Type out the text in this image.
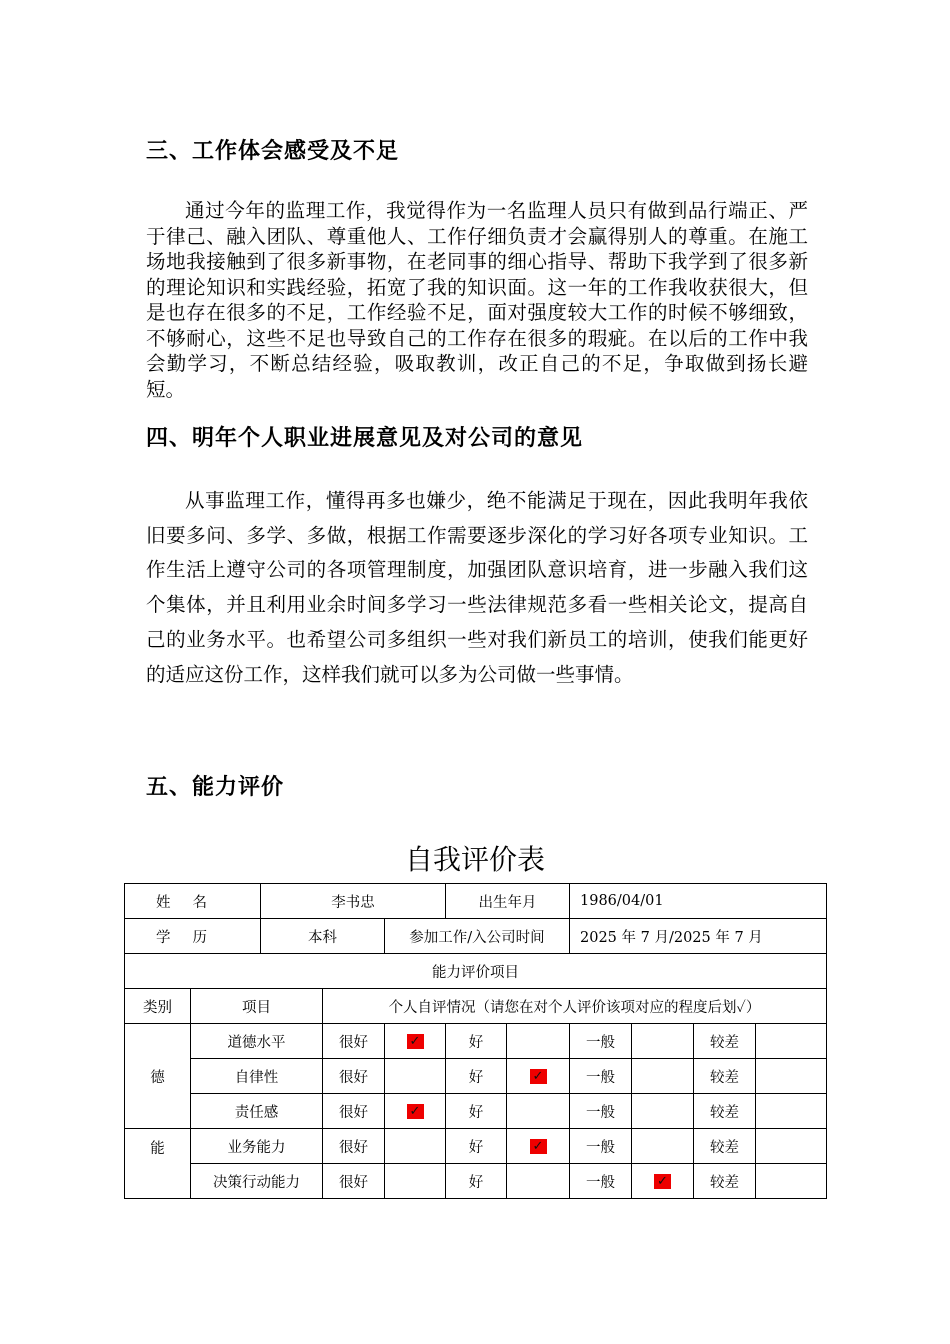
三、工作体会感受及不足

通过今年的监理工作，我觉得作为一名监理人员只有做到品行端正、严于律己、融入团队、尊重他人、工作仔细负责才会赢得别人的尊重。在施工场地我接触到了很多新事物，在老同事的细心指导、帮助下我学到了很多新的理论知识和实践经验，拓宽了我的知识面。这一年的工作我收获很大，但是也存在很多的不足，工作经验不足，面对强度较大工作的时候不够细致，不够耐心，这些不足也导致自己的工作存在很多的瑕疵。在以后的工作中我会勤学习，不断总结经验，吸取教训，改正自己的不足，争取做到扬长避短。

四、明年个人职业进展意见及对公司的意见

从事监理工作，懂得再多也嫌少，绝不能满足于现在，因此我明年我依旧要多问、多学、多做，根据工作需要逐步深化的学习好各项专业知识。工作生活上遵守公司的各项管理制度，加强团队意识培育，进一步融入我们这个集体，并且利用业余时间多学习一些法律规范多看一些相关论文，提高自己的业务水平。也希望公司多组织一些对我们新员工的培训，使我们能更好的适应这份工作，这样我们就可以多为公司做一些事情。

五、能力评价
自我评价表
姓名		李书忠			出生年月		1986/04/01			
学历		本科		参加工作/入公司时间			2025 年 7 月/2025 年 7 月			
能力评价项目										
类别	项目		个人自评情况（请您在对个人评价该项对应的程度后划✓）							
德	道德水平		很好	✓	好		一般		较差	
	自律性		很好		好	✓	一般		较差	
	责任感		很好	✓	好		一般		较差	
能	业务能力		很好		好	✓	一般		较差	
	决策行动能力		很好		好		一般	✓	较差	
